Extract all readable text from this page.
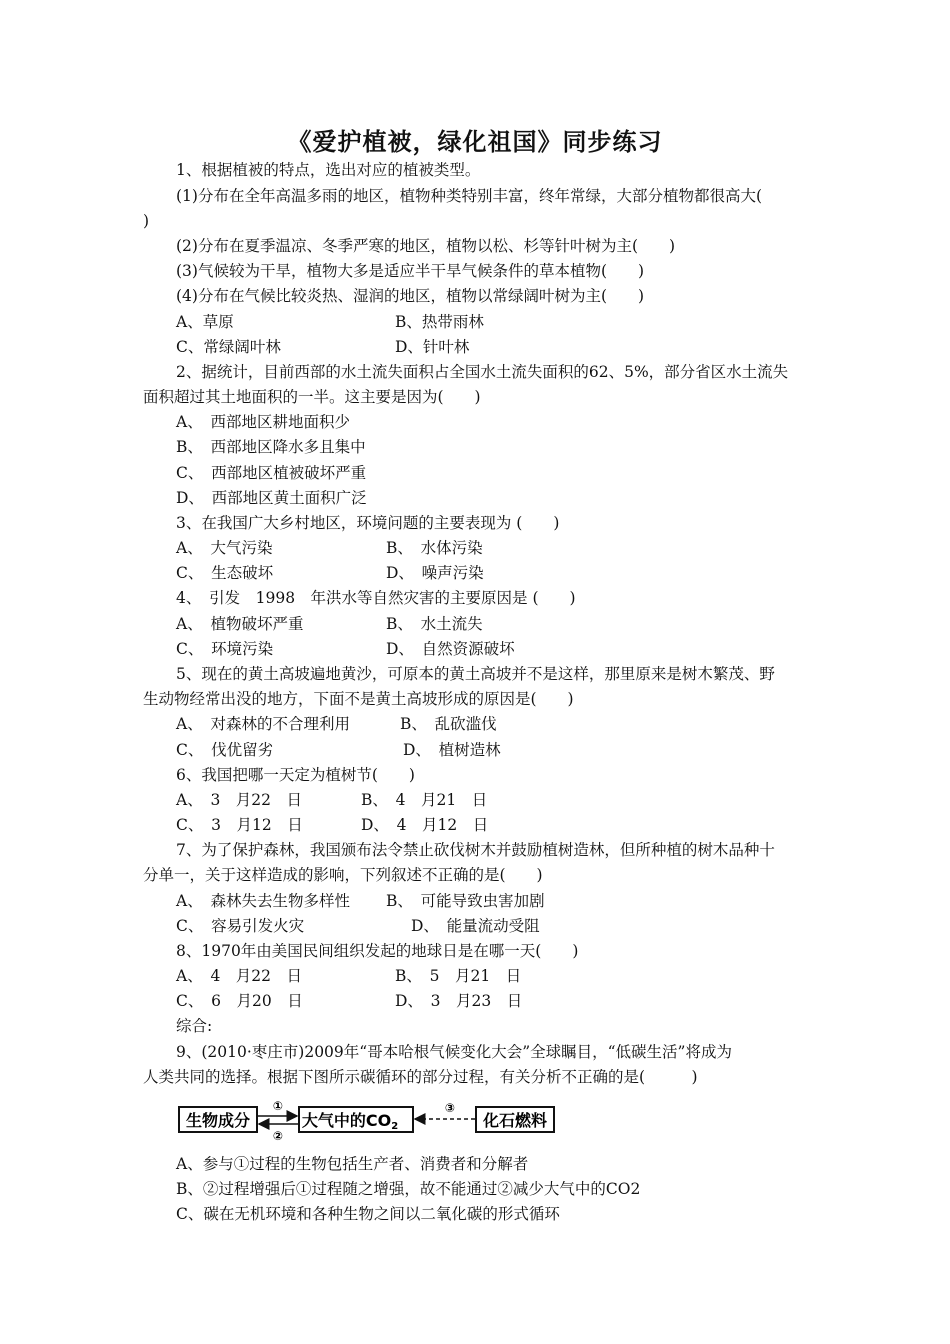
《爱护植被，绿化祖国》同步练习
1、根据植被的特点，选出对应的植被类型。
(1)分布在全年高温多雨的地区，植物种类特别丰富，终年常绿，大部分植物都很高大(
)
(2)分布在夏季温凉、冬季严寒的地区，植物以松、杉等针叶树为主(　　)
(3)气候较为干旱，植物大多是适应半干旱气候条件的草本植物(　　)
(4)分布在气候比较炎热、湿润的地区，植物以常绿阔叶树为主(　　)
A、草原	B、热带雨林
C、常绿阔叶林	D、针叶林
2、据统计，目前西部的水土流失面积占全国水土流失面积的62、5%，部分省区水土流失
面积超过其土地面积的一半。这主要是因为(　　)
A、　西部地区耕地面积少
B、　西部地区降水多且集中
C、　西部地区植被破坏严重
D、　西部地区黄土面积广泛
3、在我国广大乡村地区，环境问题的主要表现为 (　　)
A、　大气污染	B、　水体污染
C、　生态破坏	D、　噪声污染
4、　引发　1998　年洪水等自然灾害的主要原因是 (　　)
A、　植物破坏严重	B、　水土流失
C、　环境污染	D、　自然资源破坏
5、现在的黄土高坡遍地黄沙，可原本的黄土高坡并不是这样，那里原来是树木繁茂、野
生动物经常出没的地方，下面不是黄土高坡形成的原因是(　　)
A、　对森林的不合理利用	B、　乱砍滥伐
C、　伐优留劣	D、　植树造林
6、我国把哪一天定为植树节(　　)
A、　3　月22　日	B、　4　月21　日
C、　3　月12　日	D、　4　月12　日
7、为了保护森林，我国颁布法令禁止砍伐树木并鼓励植树造林，但所种植的树木品种十
分单一，关于这样造成的影响，下列叙述不正确的是(　　)
A、　森林失去生物多样性 B、　可能导致虫害加剧
C、　容易引发火灾	D、　能量流动受阻
8、1970年由美国民间组织发起的地球日是在哪一天(　　)
A、　4　月22　日	B、　5　月21　日
C、　6　月20　日	D、　3　月23　日
综合:
9、(2010·枣庄市)2009年“哥本哈根气候变化大会”全球瞩目，“低碳生活”将成为
人类共同的选择。根据下图所示碳循环的部分过程，有关分析不正确的是(　　　)
生物成分	大气中的CO2	化石燃料
①
②
③
A、参与①过程的生物包括生产者、消费者和分解者
B、②过程增强后①过程随之增强，故不能通过②减少大气中的CO2
C、碳在无机环境和各种生物之间以二氧化碳的形式循环
